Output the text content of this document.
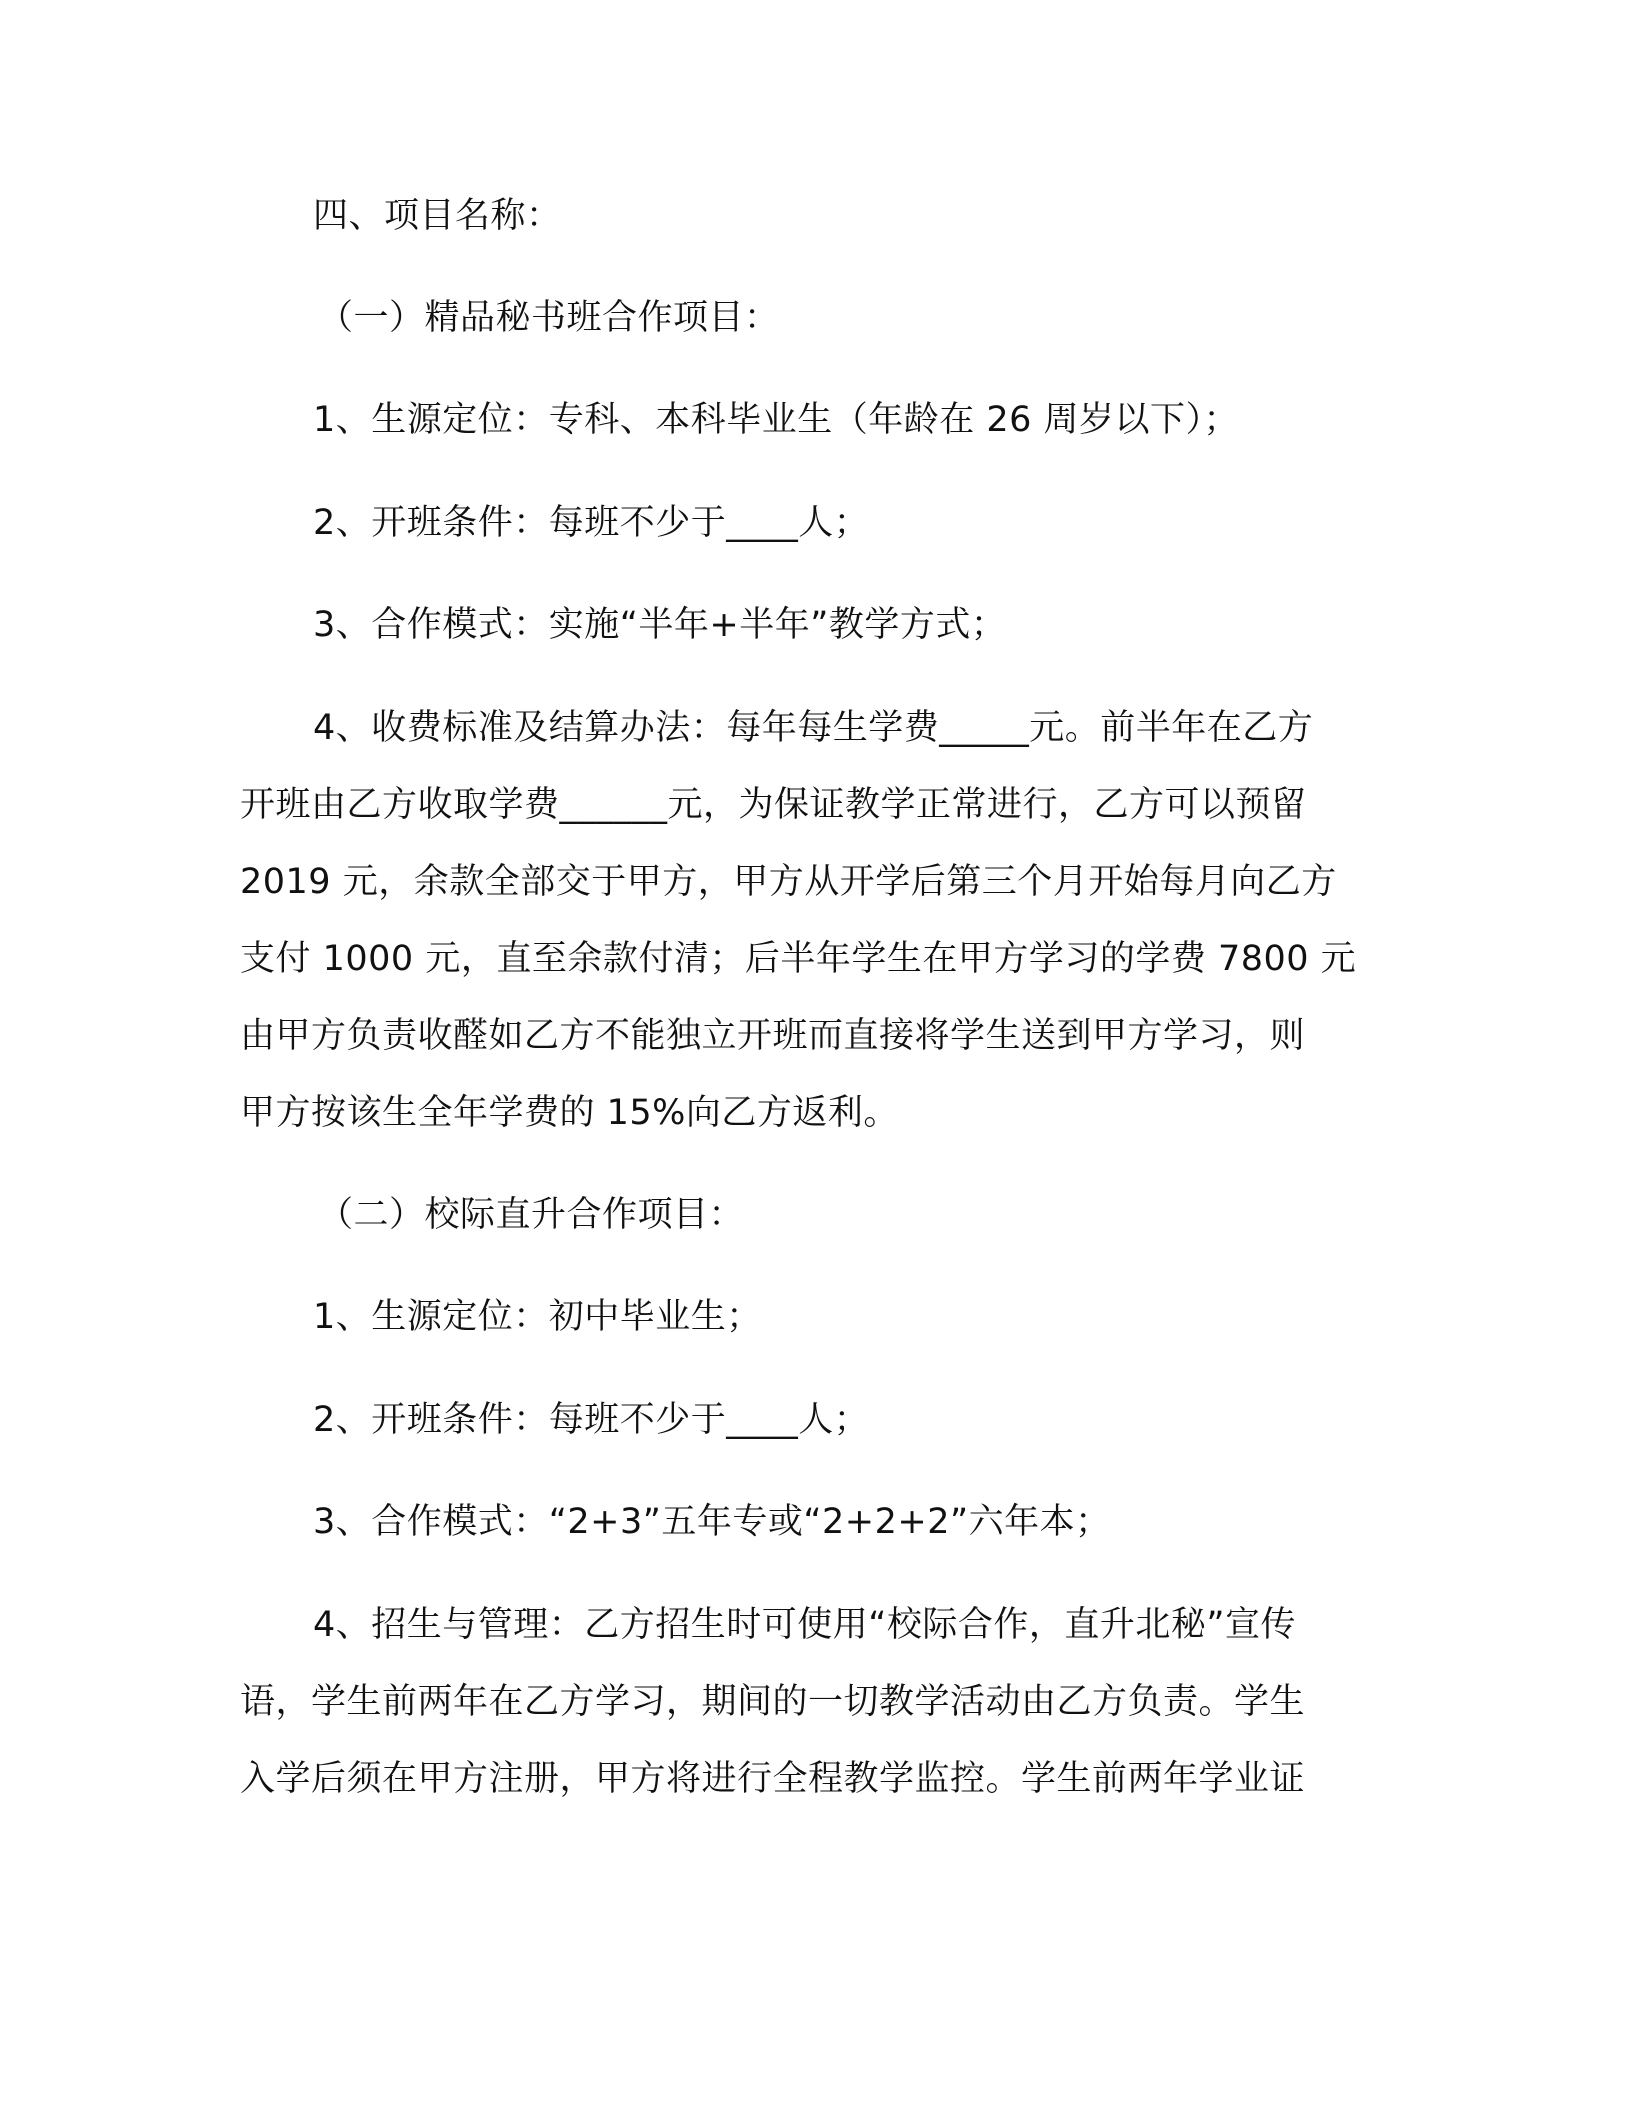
四、项目名称：
（一）精品秘书班合作项目：
1、生源定位：专科、本科毕业生（年龄在 26 周岁以下）；
2、开班条件：每班不少于____人；
3、合作模式：实施“半年+半年”教学方式；
4、收费标准及结算办法：每年每生学费_____元。前半年在乙方
开班由乙方收取学费______元，为保证教学正常进行，乙方可以预留
2019 元，余款全部交于甲方，甲方从开学后第三个月开始每月向乙方
支付 1000 元，直至余款付清；后半年学生在甲方学习的学费 7800 元
由甲方负责收醛如乙方不能独立开班而直接将学生送到甲方学习，则
甲方按该生全年学费的 15%向乙方返利。
（二）校际直升合作项目：
1、生源定位：初中毕业生；
2、开班条件：每班不少于____人；
3、合作模式：“2+3”五年专或“2+2+2”六年本；
4、招生与管理：乙方招生时可使用“校际合作，直升北秘”宣传
语，学生前两年在乙方学习，期间的一切教学活动由乙方负责。学生
入学后须在甲方注册，甲方将进行全程教学监控。学生前两年学业证
